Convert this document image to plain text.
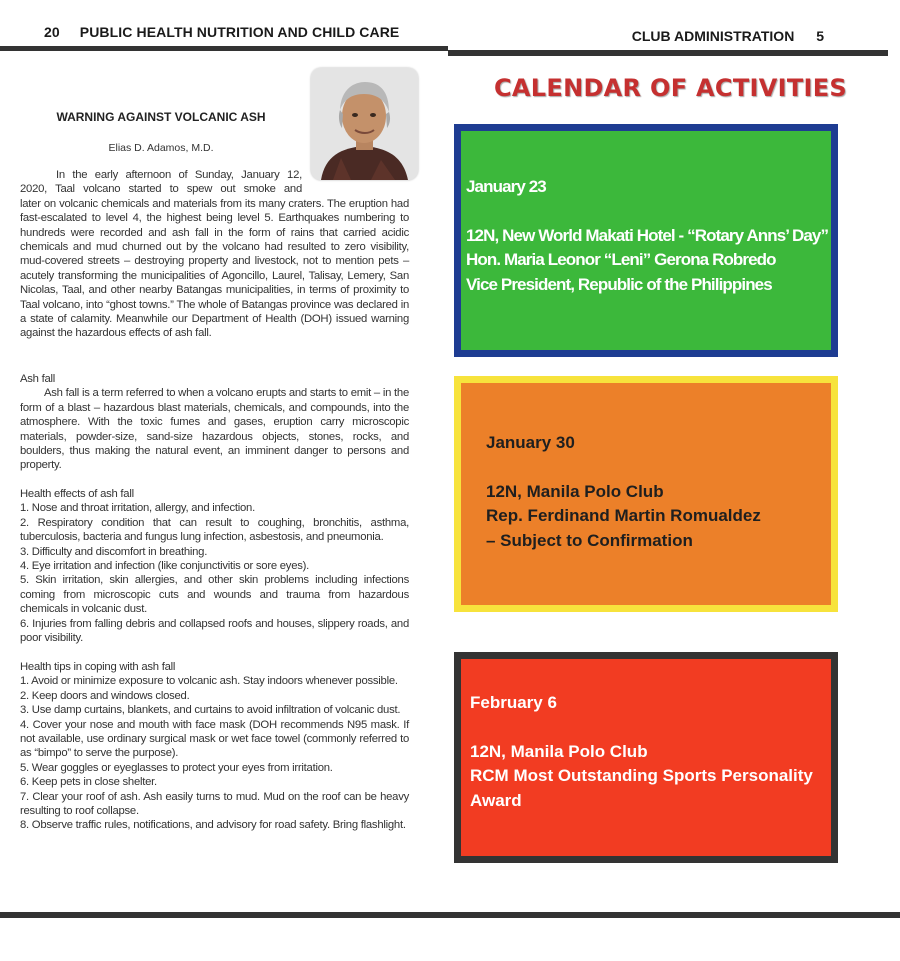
20 PUBLIC HEALTH NUTRITION AND CHILD CARE	CLUB ADMINISTRATION 5
WARNING AGAINST VOLCANIC ASH
Elias D. Adamos, M.D.
In the early afternoon of Sunday, January 12,
2020, Taal volcano started to spew out smoke and
later on volcanic chemicals and materials from its many craters. The eruption had fast-escalated to level 4, the highest being level 5. Earthquakes numbering to hundreds were recorded and ash fall in the form of rains that carried acidic chemicals and mud churned out by the volcano had resulted to zero visibility, mud-covered streets – destroying property and livestock, not to mention pets – acutely transforming the municipalities of Agoncillo, Laurel, Talisay, Lemery, San Nicolas, Taal, and other nearby Batangas municipalities, in terms of proximity to Taal volcano, into “ghost towns.” The whole of Batangas province was declared in a state of calamity. Meanwhile our Department of Health (DOH) issued warning against the hazardous effects of ash fall.

Ash fall

Ash fall is a term referred to when a volcano erupts and starts to emit – in the form of a blast – hazardous blast materials, chemicals, and compounds, into the atmosphere. With the toxic fumes and gases, eruption carry microscopic materials, powder-size, sand-size hazardous objects, stones, rocks, and boulders, thus making the natural event, an imminent danger to persons and property.

Health effects of ash fall

1. Nose and throat irritation, allergy, and infection.

2. Respiratory condition that can result to coughing, bronchitis, asthma, tuberculosis, bacteria and fungus lung infection, asbestosis, and pneumonia.

3. Difficulty and discomfort in breathing.

4. Eye irritation and infection (like conjunctivitis or sore eyes).

5. Skin irritation, skin allergies, and other skin problems including infections coming from microscopic cuts and wounds and trauma from hazardous chemicals in volcanic dust.

6. Injuries from falling debris and collapsed roofs and houses, slippery roads, and poor visibility.

Health tips in coping with ash fall

1. Avoid or minimize exposure to volcanic ash. Stay indoors whenever possible.

2. Keep doors and windows closed.

3. Use damp curtains, blankets, and curtains to avoid infiltration of volcanic dust.

4. Cover your nose and mouth with face mask (DOH recommends N95 mask. If not available, use ordinary surgical mask or wet face towel (commonly referred to as “bimpo” to serve the purpose).

5. Wear goggles or eyeglasses to protect your eyes from irritation.

6. Keep pets in close shelter.

7. Clear your roof of ash. Ash easily turns to mud. Mud on the roof can be heavy resulting to roof collapse.

8. Observe traffic rules, notifications, and advisory for road safety. Bring flashlight.

CALENDAR OF ACTIVITIES
January 23
12N, New World Makati Hotel - “Rotary Anns’ Day”
Hon. Maria Leonor “Leni” Gerona Robredo
Vice President, Republic of the Philippines
January 30
12N, Manila Polo Club
Rep. Ferdinand Martin Romualdez
– Subject to Confirmation
February 6
12N, Manila Polo Club
RCM Most Outstanding Sports Personality
Award
